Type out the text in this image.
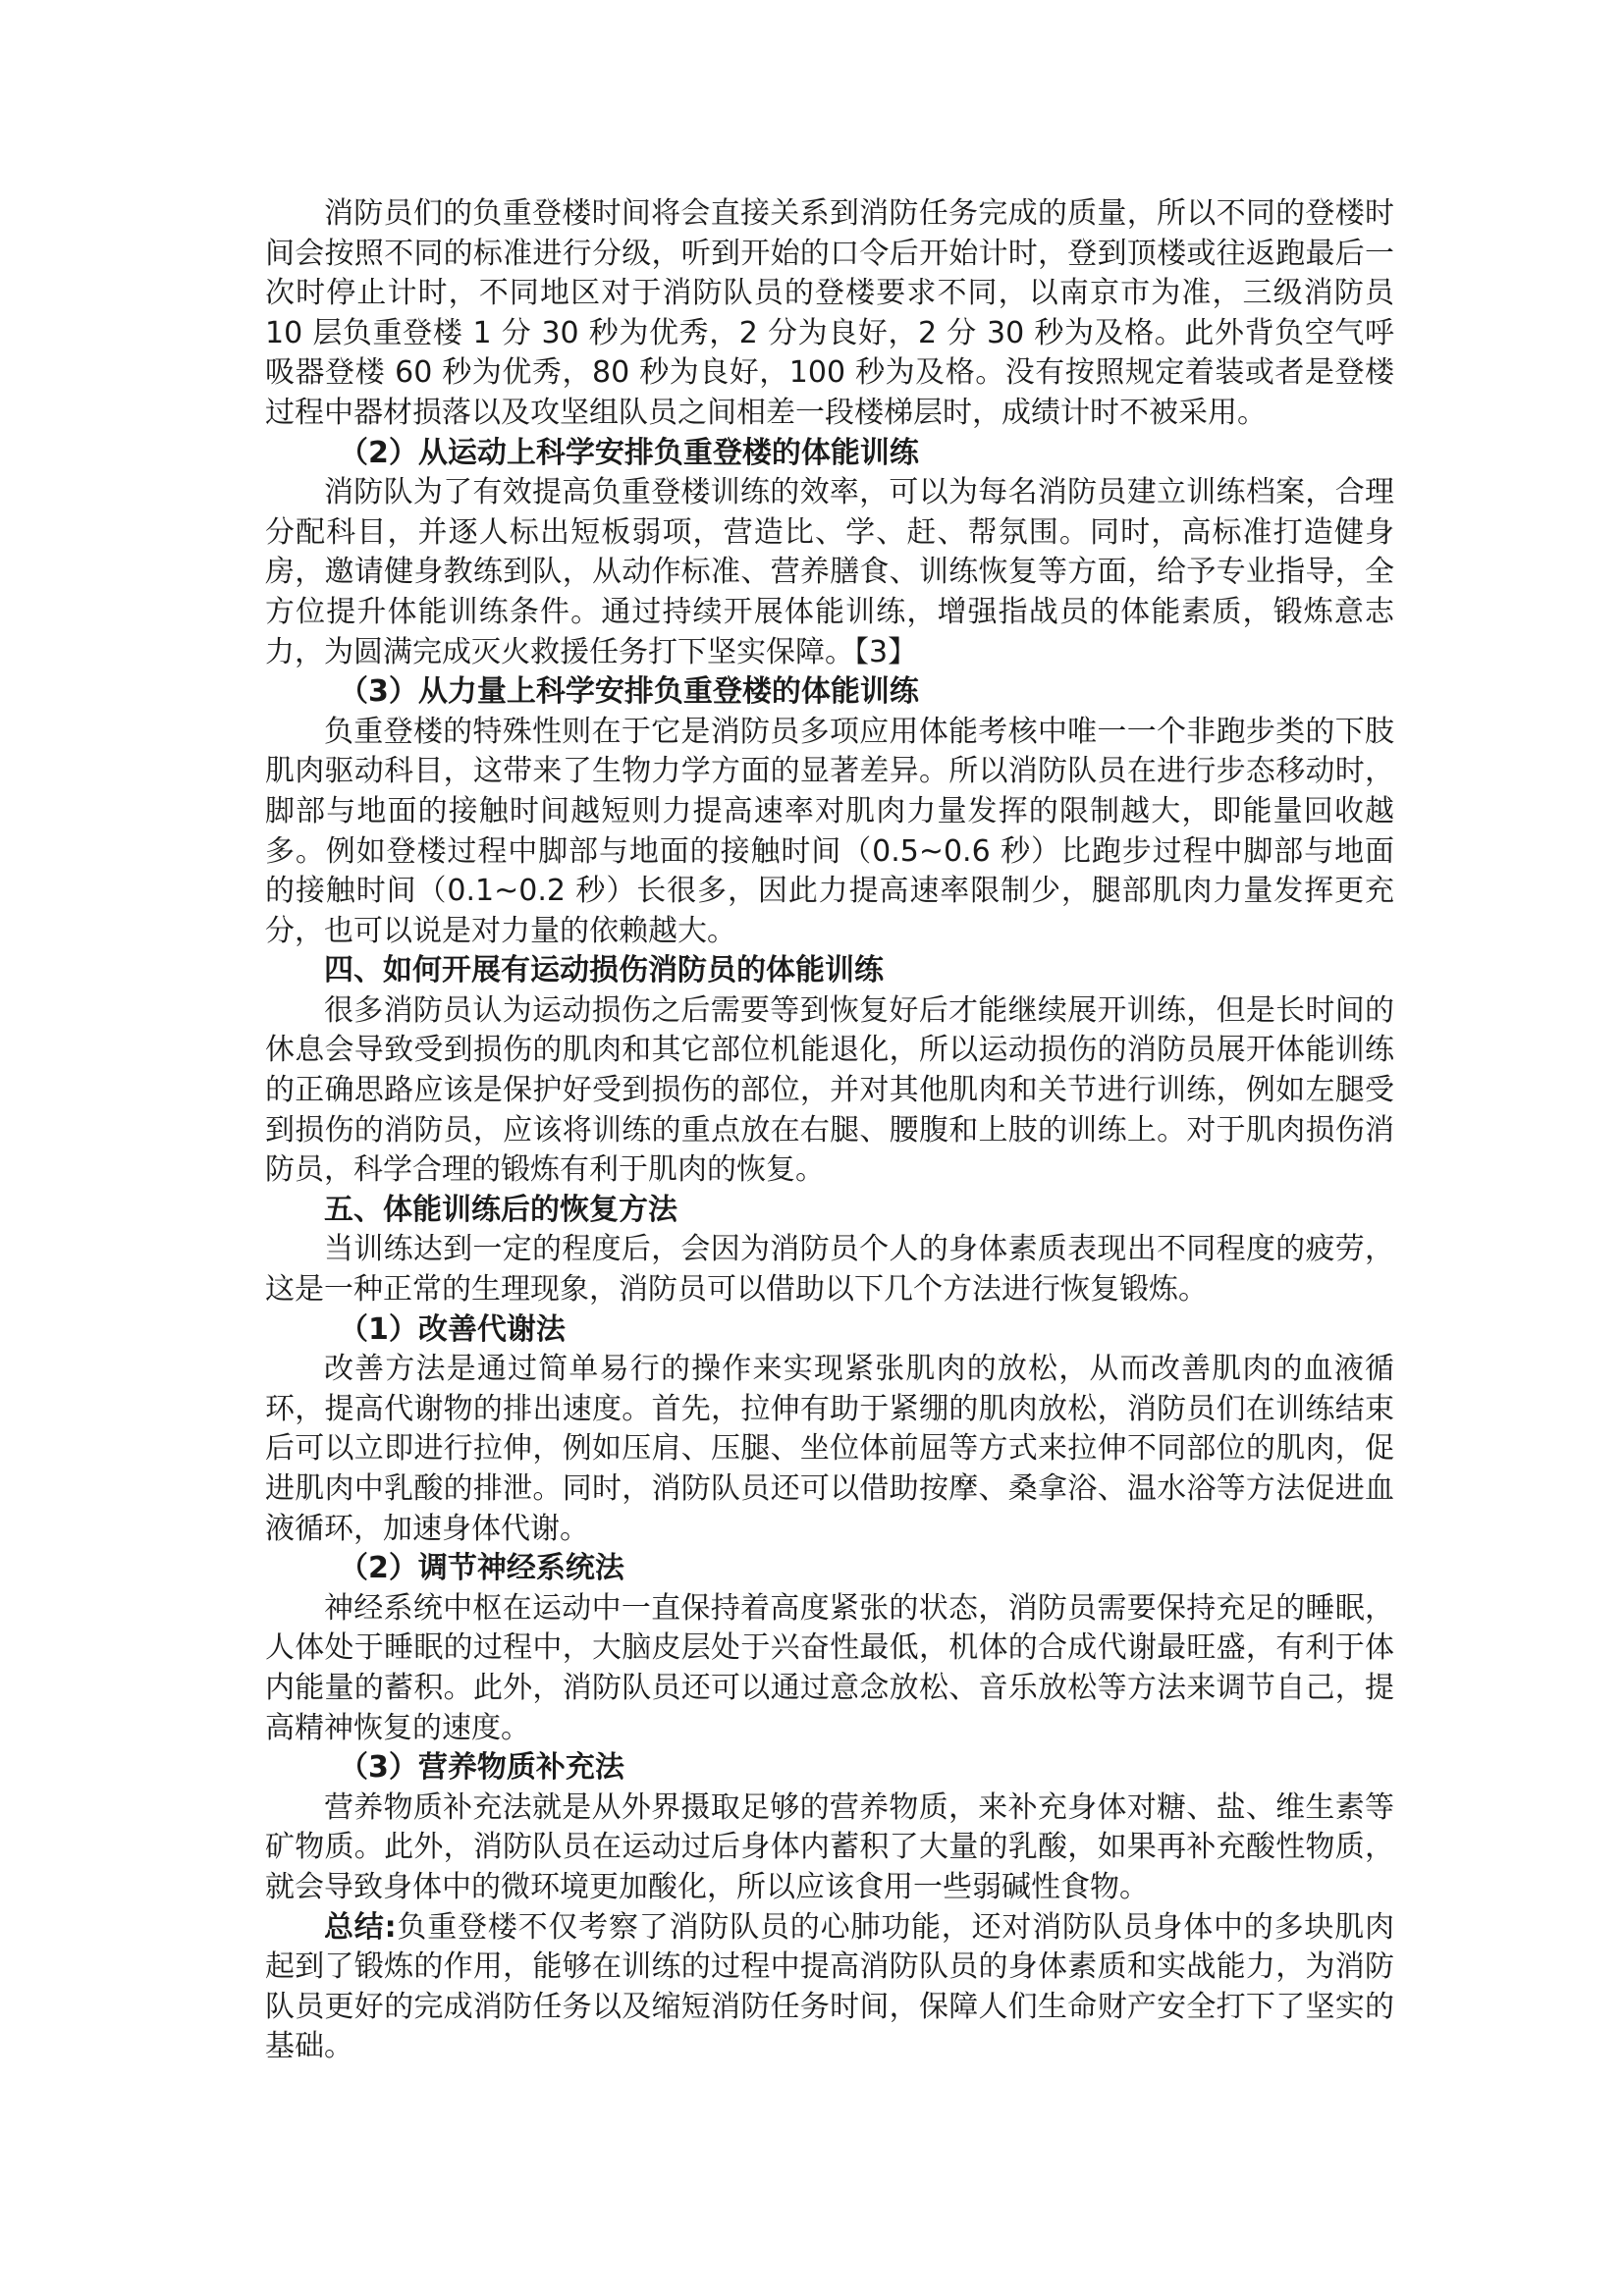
消防员们的负重登楼时间将会直接关系到消防任务完成的质量，所以不同的登楼时间会按照不同的标准进行分级，听到开始的口令后开始计时，登到顶楼或往返跑最后一次时停止计时，不同地区对于消防队员的登楼要求不同，以南京市为准，三级消防员 10 层负重登楼 1 分 30 秒为优秀，2 分为良好，2 分 30 秒为及格。此外背负空气呼吸器登楼 60 秒为优秀，80 秒为良好，100 秒为及格。没有按照规定着装或者是登楼过程中器材损落以及攻坚组队员之间相差一段楼梯层时，成绩计时不被采用。

（2）从运动上科学安排负重登楼的体能训练

消防队为了有效提高负重登楼训练的效率，可以为每名消防员建立训练档案，合理分配科目，并逐人标出短板弱项，营造比、学、赶、帮氛围。同时，高标准打造健身房，邀请健身教练到队，从动作标准、营养膳食、训练恢复等方面，给予专业指导，全方位提升体能训练条件。通过持续开展体能训练，增强指战员的体能素质，锻炼意志力，为圆满完成灭火救援任务打下坚实保障。【3】

（3）从力量上科学安排负重登楼的体能训练

负重登楼的特殊性则在于它是消防员多项应用体能考核中唯一一个非跑步类的下肢肌肉驱动科目，这带来了生物力学方面的显著差异。所以消防队员在进行步态移动时，脚部与地面的接触时间越短则力提高速率对肌肉力量发挥的限制越大，即能量回收越多。例如登楼过程中脚部与地面的接触时间（0.5~0.6 秒）比跑步过程中脚部与地面的接触时间（0.1~0.2 秒）长很多，因此力提高速率限制少，腿部肌肉力量发挥更充分，也可以说是对力量的依赖越大。

四、如何开展有运动损伤消防员的体能训练

很多消防员认为运动损伤之后需要等到恢复好后才能继续展开训练，但是长时间的休息会导致受到损伤的肌肉和其它部位机能退化，所以运动损伤的消防员展开体能训练的正确思路应该是保护好受到损伤的部位，并对其他肌肉和关节进行训练，例如左腿受到损伤的消防员，应该将训练的重点放在右腿、腰腹和上肢的训练上。对于肌肉损伤消防员，科学合理的锻炼有利于肌肉的恢复。

五、体能训练后的恢复方法

当训练达到一定的程度后，会因为消防员个人的身体素质表现出不同程度的疲劳，这是一种正常的生理现象，消防员可以借助以下几个方法进行恢复锻炼。

（1）改善代谢法

改善方法是通过简单易行的操作来实现紧张肌肉的放松，从而改善肌肉的血液循环，提高代谢物的排出速度。首先，拉伸有助于紧绷的肌肉放松，消防员们在训练结束后可以立即进行拉伸，例如压肩、压腿、坐位体前屈等方式来拉伸不同部位的肌肉，促进肌肉中乳酸的排泄。同时，消防队员还可以借助按摩、桑拿浴、温水浴等方法促进血液循环，加速身体代谢。

（2）调节神经系统法

神经系统中枢在运动中一直保持着高度紧张的状态，消防员需要保持充足的睡眠，人体处于睡眠的过程中，大脑皮层处于兴奋性最低，机体的合成代谢最旺盛，有利于体内能量的蓄积。此外，消防队员还可以通过意念放松、音乐放松等方法来调节自己，提高精神恢复的速度。

（3）营养物质补充法

营养物质补充法就是从外界摄取足够的营养物质，来补充身体对糖、盐、维生素等矿物质。此外，消防队员在运动过后身体内蓄积了大量的乳酸，如果再补充酸性物质，就会导致身体中的微环境更加酸化，所以应该食用一些弱碱性食物。

总结:负重登楼不仅考察了消防队员的心肺功能，还对消防队员身体中的多块肌肉起到了锻炼的作用，能够在训练的过程中提高消防队员的身体素质和实战能力，为消防队员更好的完成消防任务以及缩短消防任务时间，保障人们生命财产安全打下了坚实的基础。
